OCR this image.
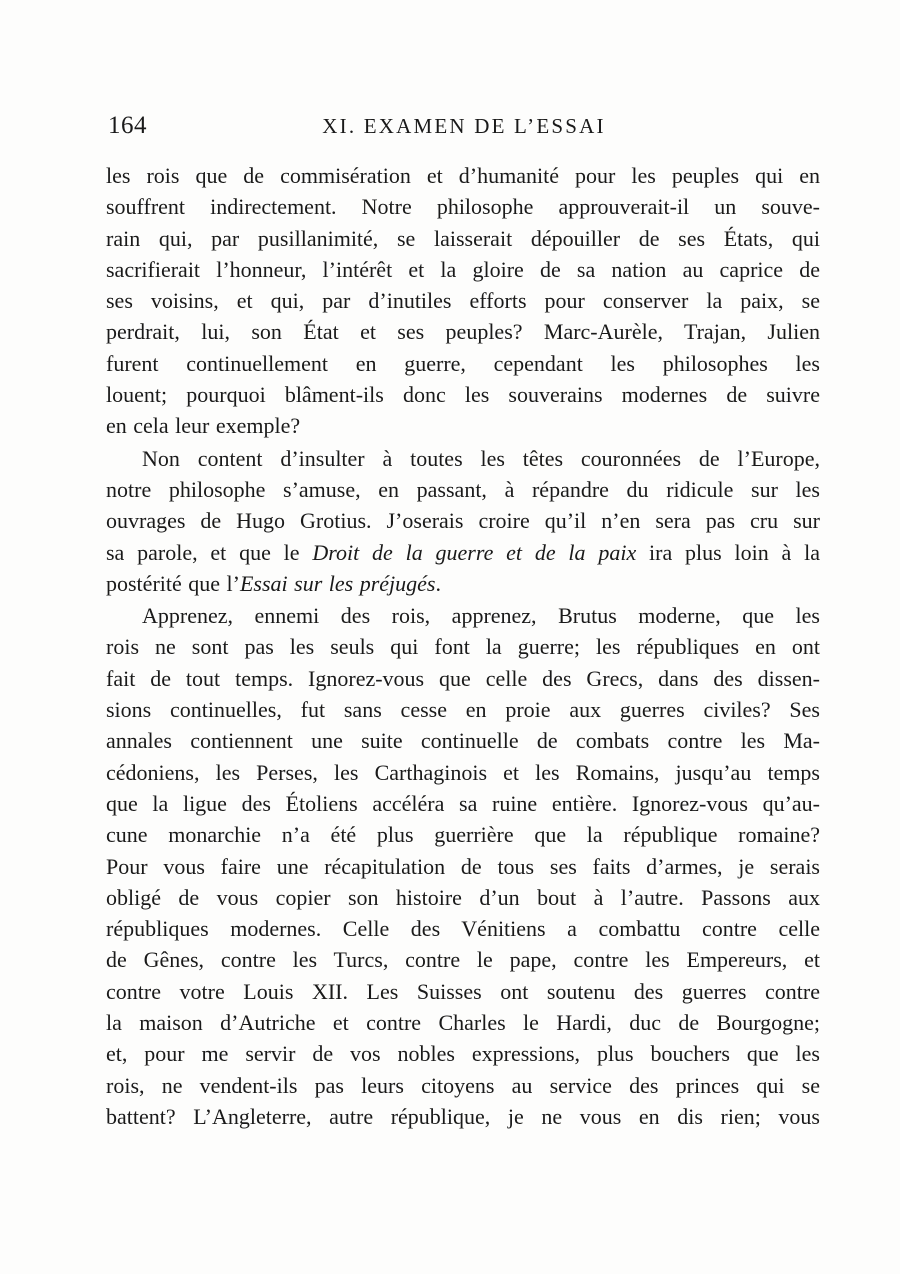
164	XI. EXAMEN DE L’ESSAI
les rois que de commisération et d’humanité pour les peuples qui en
souffrent indirectement. Notre philosophe approuverait-il un souve-
rain qui, par pusillanimité, se laisserait dépouiller de ses États, qui
sacrifierait l’honneur, l’intérêt et la gloire de sa nation au caprice de
ses voisins, et qui, par d’inutiles efforts pour conserver la paix, se
perdrait, lui, son État et ses peuples? Marc-Aurèle, Trajan, Julien
furent continuellement en guerre, cependant les philosophes les
louent; pourquoi blâment-ils donc les souverains modernes de suivre
en cela leur exemple?
Non content d’insulter à toutes les têtes couronnées de l’Europe,
notre philosophe s’amuse, en passant, à répandre du ridicule sur les
ouvrages de Hugo Grotius. J’oserais croire qu’il n’en sera pas cru sur
sa parole, et que le Droit de la guerre et de la paix ira plus loin à la
postérité que l’Essai sur les préjugés.
Apprenez, ennemi des rois, apprenez, Brutus moderne, que les
rois ne sont pas les seuls qui font la guerre; les républiques en ont
fait de tout temps. Ignorez-vous que celle des Grecs, dans des dissen-
sions continuelles, fut sans cesse en proie aux guerres civiles? Ses
annales contiennent une suite continuelle de combats contre les Ma-
cédoniens, les Perses, les Carthaginois et les Romains, jusqu’au temps
que la ligue des Étoliens accéléra sa ruine entière. Ignorez-vous qu’au-
cune monarchie n’a été plus guerrière que la république romaine?
Pour vous faire une récapitulation de tous ses faits d’armes, je serais
obligé de vous copier son histoire d’un bout à l’autre. Passons aux
républiques modernes. Celle des Vénitiens a combattu contre celle
de Gênes, contre les Turcs, contre le pape, contre les Empereurs, et
contre votre Louis XII. Les Suisses ont soutenu des guerres contre
la maison d’Autriche et contre Charles le Hardi, duc de Bourgogne;
et, pour me servir de vos nobles expressions, plus bouchers que les
rois, ne vendent-ils pas leurs citoyens au service des princes qui se
battent? L’Angleterre, autre république, je ne vous en dis rien; vous
